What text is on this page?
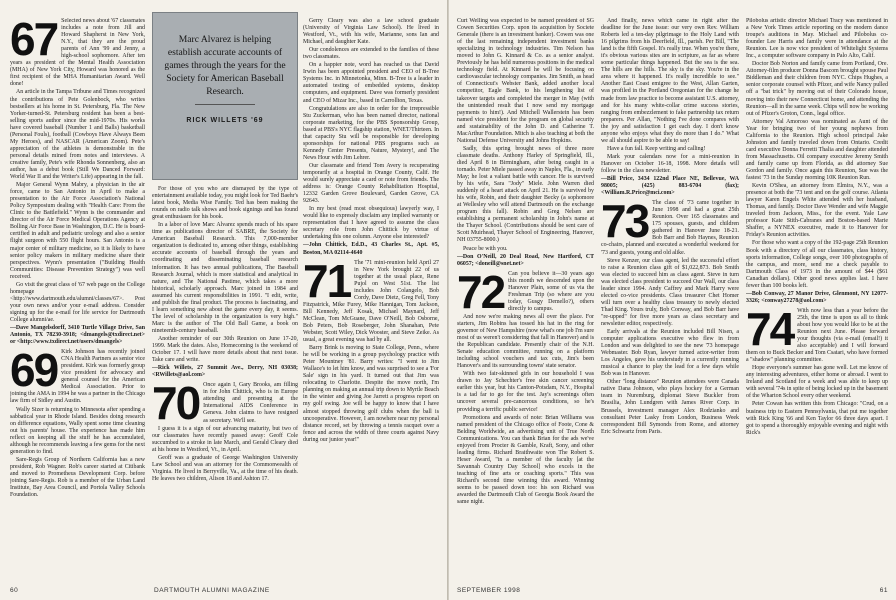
67 Selected news about '67 classmates includes a note from Jill and Howard Shapherst in New York, N.Y., that they are the proud parents of Ann '99 and Jenny, a high-school sophomore. After ten years as president of the Mental Health Association (MHA) of New York City, Howard was honored as the first recipient of the MHA Humanitarian Award. Well done!

An article in the Tampa Tribune and Times recognized the contributions of Pete Golenbock, who writes bestsellers at his home in St. Petersburg, Fla. The New Yorker-turned-St. Petersburg resident has been a best-selling sports author since the mid-1970s. His works have covered baseball (Number 1 and Balls) basketball (Personal Fouls), football (Cowboys Have Always Been My Heroes), and NASCAR (American Zoom). Pete's appreciation of the athletes is demonstrable in the personal details mined from notes and interviews. A creative family, Pete's wife Rhonda Sonnenberg, also an author, has a debut book (Still We Danced Forward: World War II and the Writer's Life) appearing in the fall.

Major General Wynn Mabry, a physician in the air force, came to San Antonio in April to make a presentation to the Air Force Association's National Policy Symposium dealing with "Health Care: From the Clinic to the Battlefield." Wynn is the commander and director of the Air Force Medical Operations Agency at Bolling Air Force Base in Washington, D.C. He is board-certified in adult and pediatric urology and also a senior flight surgeon with 550 flight hours. San Antonio is a major center of military medicine, so it is likely to have senior policy makers in military medicine share their perspectives. Wynn's presentation ("Building Health Communities: Disease Prevention Strategy") was well received.

Go visit the great class of '67 web page on the College homepage <http://www.dartmouth.edu/alumni/classes/67>. Post your own news and/or your e-mail address. Consider signing up for the e-mail for life service for Dartmouth College alumni/ae.

—Dave Mangelsdorff, 3410 Turtle Village Drive, San Antonio, TX 78230-3918; <dmangels@txdirect.net> or <http://www.txdirect.net/users/dmangels>

69 Kirk Johnson has recently joined CNA Health Partners as senior vice president. Kirk was formerly group vice president for advocacy and general counsel for the American Medical Association. Prior to joining the AMA in 1994 he was a partner in the Chicago law firm of Sidley and Austin.

Wally Sizer is returning to Minnesota after spending a sabbatical year in Rhode Island. Besides doing research on difference equations, Wally spent some time cleaning out his parents' house. The experience has made him reflect on keeping all the stuff he has accumulated, although he recommends leaving a few gems for the next generation to find.

Sare-Regis Group of Northern California has a new president, Rob Wagner. Rob's career started at Citibank and moved to Prometheus Development Corp. before joining Sare-Regis. Rob is a member of the Urban Land Institute, Bay Area Council, and Portola Valley Schools Foundation.

Marc Alvarez is helping establish accurate accounts of games through the years for the Society for American Baseball Research.
RICK WILLETS '69

For those of you who are dismayed by the type of entertainment available today, you might look for Ted Baehr's latest book, Media Wise Family. Ted has been making the rounds on radio talk shows and book signings and has found great enthusiasm for his book.

In a labor of love Marc Alvarez spends much of his spare time as publications director of SABRE, the Society for American Baseball Research. This 7,000-member organization is dedicated to, among other things, establishing accurate accounts of baseball through the years and coordinating and disseminating baseball research information. It has two annual publications, The Baseball Research Journal, which is more statistical and analytical in nature, and The National Pastime, which takes a more historical, scholarly approach. Marc joined in 1984 and assumed his current responsibilities in 1991. "I edit, write, and publish the final product. The process is fascinating, and I learn something new about the game every day, it seems. The level of scholarship in the organization is very high." Marc is the author of The Old Ball Game, a book on nineteenth-century baseball.

Another reminder of our 30th Reunion on June 17-20, 1999. Mark the dates. Also, Homecoming is the weekend of October 17. I will have more details about that next issue. Take care and write.

—Rick Willets, 27 Summit Ave., Derry, NH 03038; <RWillets@aol.com>

70 Once again I, Gary Brooks, am filling in for John Chittick, who is in Europe attending and presenting at the International AIDS Conference in Geneva. John claims to have resigned as secretary. We'll see.

I guess it is a sign of our advancing maturity, but two of our classmates have recently passed away: Geoff Cole succumbed to a stroke in late March, and Gerald Cleary died at his home in Westford, Vt., in April.

Geoff was a graduate of George Washington University Law School and was an attorney for the Commonwealth of Virginia. He lived in Berryville, Va., at the time of his death. He leaves two children, Alison 18 and Ashton 17.

Gerry Cleary was also a law school graduate (University of Virginia Law School). He lived in Westford, Vt., with his wife, Marianne, sons Ian and Michael, and daughter Kate.

Our condolences are extended to the families of these two classmates.

On a happier note, word has reached us that David Irwin has been appointed president and CEO of B-Tree Systems Inc. in Minnetonka, Minn. B-Tree is a leader in automated testing of embedded systems, desktop computers, and equipment. Dave was formerly president and CEO of Mizar Inc., based in Carrollton, Texas.

Congratulations are also in order for the irrepressible Stu Zuckerman, who has been named director, national corporate marketing, for the PBS Sponsorship Group, based at PBS's NYC flagship station, WNET/Thirteen. In that capacity Stu will be responsible for developing sponsorships for national PBS programs such as Kennedy Center Presents, Nature, Mystery!, and The News Hour with Jim Lehrer.

Our classmate and friend Tom Avery is recuperating temporarily at a hospital in Orange County, Calif. He would surely appreciate a card or note from friends. The address is: Orange County Rehabilitation Hospital, 12332 Garden Grove Boulevard, Garden Grove, CA 92643.

In my best (read most obsequious) lawyerly way, I would like to expressly disclaim any implied warranty or representation that I have agreed to assume the class secretary role from John Chittick by virtue of undertaking this one column. Anyone else interested?

—John Chittick, Ed.D., 43 Charles St., Apt. #5, Boston, MA 02114-4640

71 The '71 mini-reunion held April 27 in New York brought 22 of us together at the usual place, Rene Pujol on West 51st. The list includes John Colangelo, Bob Cordy, Dave Dietz, Greg Fell, Tony Fitzpatrick, Mike Furey, Mike Hannigan, Tom Jackson, Bill Kennedy, Jeff Kosak, Michael Maynard, Jeff McClean, Tom McGuane, Dave O'Neill, Bob Osborne, Bob Peters, Bob Roseberger, John Shanahan, Pete Webster, Scott Wiley, Dick Wooster, and Steve Zeike. As usual, a great evening was had by all.

Barry Brink is moving to State College, Penn., where he will be working in a group psychology practice with Peter Mountney '81. Barry writes: "I went to Jim Wallace's to let him know, and was surprised to see a 'For Sale' sign in his yard. It turned out that Jim was relocating to Charlotte. Despite the move north, I'm planning on making an annual trip down to Myrtle Beach in the winter and giving Joe Jarrett a progress report on my golf swing. Joe will be happy to know that I have almost stopped throwing golf clubs when the ball is uncooperative. However, I am nowhere near my personal distance record, set by throwing a tennis racquet over a fence and across the width of three courts against Navy during our junior year!"

60	DARTMOUTH ALUMNI MAGAZINE

Curt Welling was expected to be named president of SG Cowen Securities Corp. upon its acquisition by Societe Generale (there is an investment banker). Cowen was one of the last remaining independent investment banks specializing in technology industries. Tim Nelson has moved to John G. Kinnard & Co. as a senior analyst. Previously he has held numerous positions in the medical technology field. At Kinnard he will be focusing on cardiovascular technology companies. Jim Smith, as head of Connecticut's Webster Bank, added another local competitor, Eagle Bank, to his lengthening list of takeover targets and completed the merger in May (with the unintended result that I now send my mortgage payments to him!). And Mitchell Wallerstein has been named vice president for the program on global security and sustainability of the John D. and Catherine T. MacArthur Foundation. Mitch is also teaching at both the National Defense University and Johns Hopkins.

Sadly, this spring brought news of three more classmate deaths. Anthony Harley of Springfield, Ill., died April 8 in Birmingham, after being caught in a tornado. Peter Miele passed away in Naples, Fla., in early May; he lost a valiant battle with cancer. He is survived by his wife, Sara "Jody" Miele. John Warren died suddenly of a heart attack on April 21. He is survived by his wife, Robin, and their daughter Becky (a sophomore at Wellesley who will attend Dartmouth on the exchange program this fall). Robin and Greg Nelsen are establishing a permanent scholarship in John's name at the Thayer School. (Contributions should be sent care of Scott Muirhead, Thayer School of Engineering, Hanover, NH 03755-8000.)

Peace be with you.

—Don O'Neill, 20 Deal Road, New Hartford, CT 06057; <doneill@snet.net>

72 Can you believe it—30 years ago this month we descended upon the Hanover Plain, some of us via the Freshman Trip (so where are you today, Gusgy Demello?), others directly to campus.

And now we're making news all over the place. For starters, Jim Robins has tossed his hat in the ring for governor of New Hampshire (now what's one job I'm sure most of us weren't considering that fall in Hanover) and is the Republican candidate. Presently chair of the N.H. Senate education committee, running on a platform including school vouchers and tax cuts, Jim's been Hanover's and its surrounding towns' state senator.

With two fair-skinned girls in our household I was drawn to Jay Schechter's free skin cancer screening earlier this year, but his Canton-Potsdam, N.Y., Hospital is a tad far to go for the test. Jay's screenings often uncover several pre-cancerous conditions, so he's providing a terrific public service!

Promotions and awards of note: Brian Williams was named president of the Chicago office of Foote, Cone & Belding Worldwide, an advertising unit of True North Communications. You can thank Brian for the ads we've enjoyed from Procter & Gamble, Kraft, Sony, and other leading firms. Richard Braithwaite won The Robert S. Heser Award, "in a member of the faculty [at the Savannah Country Day School] who excels in the teaching of fine arts or coaching sports." This was Richard's second time winning this award. Winning seems to be passed down too: his son Richard was awarded the Dartmouth Club of Georgia Book Award the same night.

And finally, news which came in right after the deadline for the June issue: our very own Rev. William Roberts led a ten-day pilgrimage to the Holy Land with 16 pilgrims from his Deerfield, Ill., parish. Per Bill, "The land is the fifth Gospel. It's really true. When you're there, it's obvious various sites are in scripture, as far as where some particular things happened. But the sea is the sea. The hills are the hills. The sky is the sky. You're in the area where it happened. It's really incredible to see." Another East Coast emigree to the West, Allan Garten, was profiled in the Portland Oregonian for the change he made from law practice to become assistant U.S. attorney, and for his many white-collar crime success stories, ranging from embezzlement to fake partnership tax return preparers. Per Allan, "Nothing I've done compares with the joy and satisfaction I get each day. I don't know anyone who enjoys what they do more than I do." What we all should aspire to be able to say!

Have a fun fall. Keep writing and calling!

Mark your calendars now for a mini-reunion in Hanover on October 16-18, 1998. More details will follow in the class newsletter.

—Bill Price, 3434 122nd Place NE, Bellevue, WA 98005; (425) 883-6704 (fax); <William.R.Price@mci.com>

73 The class of '73 came together in June 1998 and had a great 25th Reunion. Over 165 classmates and 175 spouses, guests, and children gathered in Hanover June 18-21. Bob Barr and Bob Haynes, Reunion co-chairs, planned and executed a wonderful weekend for '73 and guests, young and old alike.

Steve Kenzer, our class agent, led the successful effort to raise a Reunion class gift of $1,022,873. Bob Smith was elected to succeed him as class agent. Steve in turn was elected class president to succeed Our Wall, our class leader since 1994. Andy Caffrey and Mark Harry were elected co-vice presidents. Class treasurer Chet Homer will turn over a healthy class treasury to newly elected Thad King. Yours truly, Bob Conway, and Bob Barr have "re-upped" for five more years as class secretary and newsletter editor, respectively.

Early arrivals at the Reunion included Bill Nisen, a computer applications executive who flew in from London and was delighted to see the new '73 homepage Webmaster. Bob Ryan, lawyer turned actor-writer from Los Angeles, gave his understudy in a currently running musical a chance to play the lead for a few days while Bob was in Hanover.

Other "long distance" Reunion attendees were Canada native Dana Johnson, who plays hockey for a German team in Nuremburg, diplomat Steve Buckler from Brasilia, John Lundgren with James River Corp. in Brussels, investment manager Alex Rodzianko and consultant Peter Lasky from London, Business Week correspondent Bill Symonds from Rome, and attorney Eric Schwartz from Paris.

Pilobolus artistic director Michael Tracy was mentioned in a New York Times article reporting on the modern dance troupe's auditions in May. Michael and Pilobolus co-founder Lee Harris and family were in attendance at the Reunion. Lee is now vice president of Whitelight Systems Inc., a computer software company in Palo Alto, Calif.

Doctor Bob Norton and family came from Portland, Ore. Attorney-film producer Donna Bascom brought spouse Paul Biddleman and their children from NYC. Chips Hughes, a senior corporate counsel with Pfizer, and wife Nancy pulled off a "bat trick" by moving out of their Colorado house, moving into their new Connecticut home, and attending the Reunion—all in the same week. Chips will now be working out of Pfizer's Groton, Conn., legal office.

Attorney Val Amoroso was nominated as Aunt of the Year for bringing two of her young nephews from California to the Reunion. High school principal Jake Johnston and family traveled down from Ontario. Credit card executive Donna Ferretti Thalia and daughter attended from Massachusetts. Oil company executive Jeremy Smith and family came up from Florida, as did attorney Sue Gordon and family. Once again this Reunion, Sue was the fastest '73 in the Sunday morning 10K Reunion Run.

Kevin O'Shea, an attorney from Elmira, N.Y., was a presence at both the '73 tent and on the golf course. Atlanta lawyer Karen Engels White attended with her husband, Thomas, and family. Doctor Dave Wender and wife Maggie traveled from Jackson, Miss., for the event. Yale Law professor Kate Stith-Cabranes and Boston-based Marie Shaffer, a NYNEX executive, made it to Hanover for Friday's Reunion activities.

For those who want a copy of the 192-page 25th Reunion Book with a directory of all our classmates, class history, sports information, College songs, over 100 photographs of the campus, and more, send me a check payable to Dartmouth Class of 1973 in the amount of $44 ($61 Canadian dollars). Other good news applies last. I have fewer than 100 books left.

—Bob Conway, 27 Manor Drive, Glenmont, NY 12077-3326; <conway27278@aol.com>

74 With now less than a year before the 25th, the time is upon us all to think about how you would like to be at the Reunion next June. Please forward your thoughts (via e-mail (email!) it also acceptable) and I will forward them on to Buck Becker and Tom Csatari, who have formed a "shadow" planning committee.

Hope everyone's summer has gone well. Let me know of any interesting adventures, either home or abroad. I went to Ireland and Scotland for a week and was able to keep up with several '74s in spite of being locked up in the basement of the Wharton School every other weekend.

Peter Cowan has written this from Chicago: "Crud, on a business trip to Eastern Pennsylvania, that put me together with Rick King '66 and Ken Taylor 66 three days apart. I got to spend a thoroughly enjoyable evening and night with Rick's

SEPTEMBER 1998	61
